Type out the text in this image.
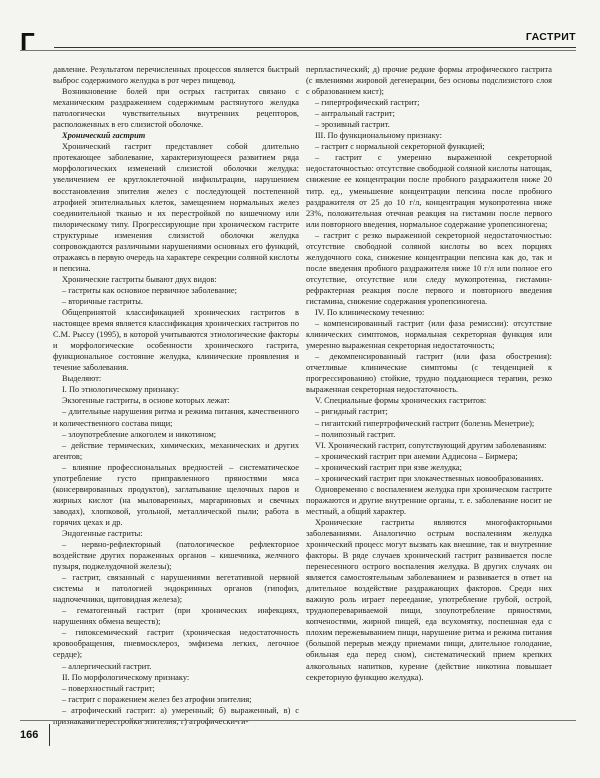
Г	ГАСТРИТ

давление. Результатом перечисленных процессов является быстрый выброс содержимого желудка в рот через пищевод.

Возникновение болей при острых гастритах связано с механическим раздражением содержимым растянутого желудка патологически чувствительных внутренних рецепторов, расположенных в его слизистой оболочке.

Хронический гастрит

Хронический гастрит представляет собой длительно протекающее заболевание, характеризующееся развитием ряда морфологических изменений слизистой оболочки желудка: увеличением ее круглоклеточной инфильтрации, нарушением восстановления эпителия желез с последующей постепенной атрофией эпителиальных клеток, замещением нормальных желез соединительной тканью и их перестройкой по кишечному или пилорическому типу. Прогрессирующие при хроническом гастрите структурные изменения слизистой оболочки желудка сопровождаются различными нарушениями основных его функций, отражаясь в первую очередь на характере секреции соляной кислоты и пепсина.

Хронические гастриты бывают двух видов:

– гастриты как основное первичное заболевание;

– вторичные гастриты.

Общепринятой классификацией хронических гастритов в настоящее время является классификация хронических гастритов по С.М. Рыссу (1995), в которой учитываются этиологические факторы и морфологические особенности хронического гастрита, функциональное состояние желудка, клинические проявления и течение заболевания.

Выделяют:

I. По этиологическому признаку:

Экзогенные гастриты, в основе которых лежат:

– длительные нарушения ритма и режима питания, качественного и количественного состава пищи;

– злоупотребление алкоголем и никотином;

– действие термических, химических, механических и других агентов;

– влияние профессиональных вредностей – систематическое употребление густо приправленного пряностями мяса (консервированных продуктов), заглатывание щелочных паров и жирных кислот (на мыловаренных, маргариновых и свечных заводах), хлопковой, угольной, металлической пыли; работа в горячих цехах и др.

Эндогенные гастриты:

– нервно-рефлекторный (патологическое рефлекторное воздействие других пораженных органов – кишечника, желчного пузыря, поджелудочной железы);

– гастрит, связанный с нарушениями вегетативной нервной системы и патологией эндокринных органов (гипофиз, надпочечники, щитовидная железа);

– гематогенный гастрит (при хронических инфекциях, нарушениях обмена веществ);

– гипоксемический гастрит (хроническая недостаточность кровообращения, пневмосклероз, эмфизема легких, легочное сердце);

– аллергический гастрит.

II. По морфологическому признаку:

– поверхностный гастрит;

– гастрит с поражением желез без атрофии эпителия;

– атрофический гастрит: а) умеренный; б) выраженный, в) с признаками перестройки эпителия; г) атрофически-ги-

перпластический; д) прочие редкие формы атрофического гастрита (с явлениями жировой дегенерации, без основы подслизистого слоя с образованием кист);

– гипертрофический гастрит;

– антральный гастрит;

– эрозивный гастрит.

III. По функциональному признаку:

– гастрит с нормальной секреторной функцией;

– гастрит с умеренно выраженной секреторной недостаточностью: отсутствие свободной соляной кислоты натощак, снижение ее концентрации после пробного раздражителя ниже 20 титр. ед., уменьшение концентрации пепсина после пробного раздражителя от 25 до 10 г/л, концентрация мукопротеина ниже 23%, положительная отечная реакция на гистамин после первого или повторного введения, нормальное содержание уропепсиногена;

– гастрит с резко выраженной секреторной недостаточностью: отсутствие свободной соляной кислоты во всех порциях желудочного сока, снижение концентрации пепсина как до, так и после введения пробного раздражителя ниже 10 г/л или полное его отсутствие, отсутствие или следу мукопротеина, гистамин-рефрактерная реакция после первого и повторного введения гистамина, снижение содержания уропепсиногена.

IV. По клиническому течению:

– компенсированный гастрит (или фаза ремиссии): отсутствие клинических симптомов, нормальная секреторная функция или умеренно выраженная секреторная недостаточность;

– декомпенсированный гастрит (или фаза обострения): отчетливые клинические симптомы (с тенденцией к прогрессированию) стойкие, трудно поддающиеся терапии, резко выраженная секреторная недостаточность.

V. Специальные формы хронических гастритов:

– ригидный гастрит;

– гигантский гипертрофический гастрит (болезнь Менетрие);

– полипозный гастрит.

VI. Хронический гастрит, сопутствующий другим заболеваниям:

– хронический гастрит при анемии Аддисона – Бирмера;

– хронический гастрит при язве желудка;

– хронический гастрит при злокачественных новообразованиях.

Одновременно с воспалением желудка при хроническом гастрите поражаются и другие внутренние органы, т. е. заболевание носит не местный, а общий характер.

Хронические гастриты являются многофакторными заболеваниями. Аналогично острым воспалениям желудка хронический процесс могут вызвать как внешние, так и внутренние факторы. В ряде случаев хронический гастрит развивается после перенесенного острого воспаления желудка. В других случаях он является самостоятельным заболеванием и развивается в ответ на длительное воздействие раздражающих факторов. Среди них важную роль играет переедание, употребление грубой, острой, трудноперевариваемой пищи, злоупотребление пряностями, копченостями, жирной пищей, еда всухомятку, поспешная еда с плохим пережевыванием пищи, нарушение ритма и режима питания (большой перерыв между приемами пищи, длительное голодание, обильная еда перед сном), систематический прием крепких алкогольных напитков, курение (действие никотина повышает секреторную функцию желудка).

166
